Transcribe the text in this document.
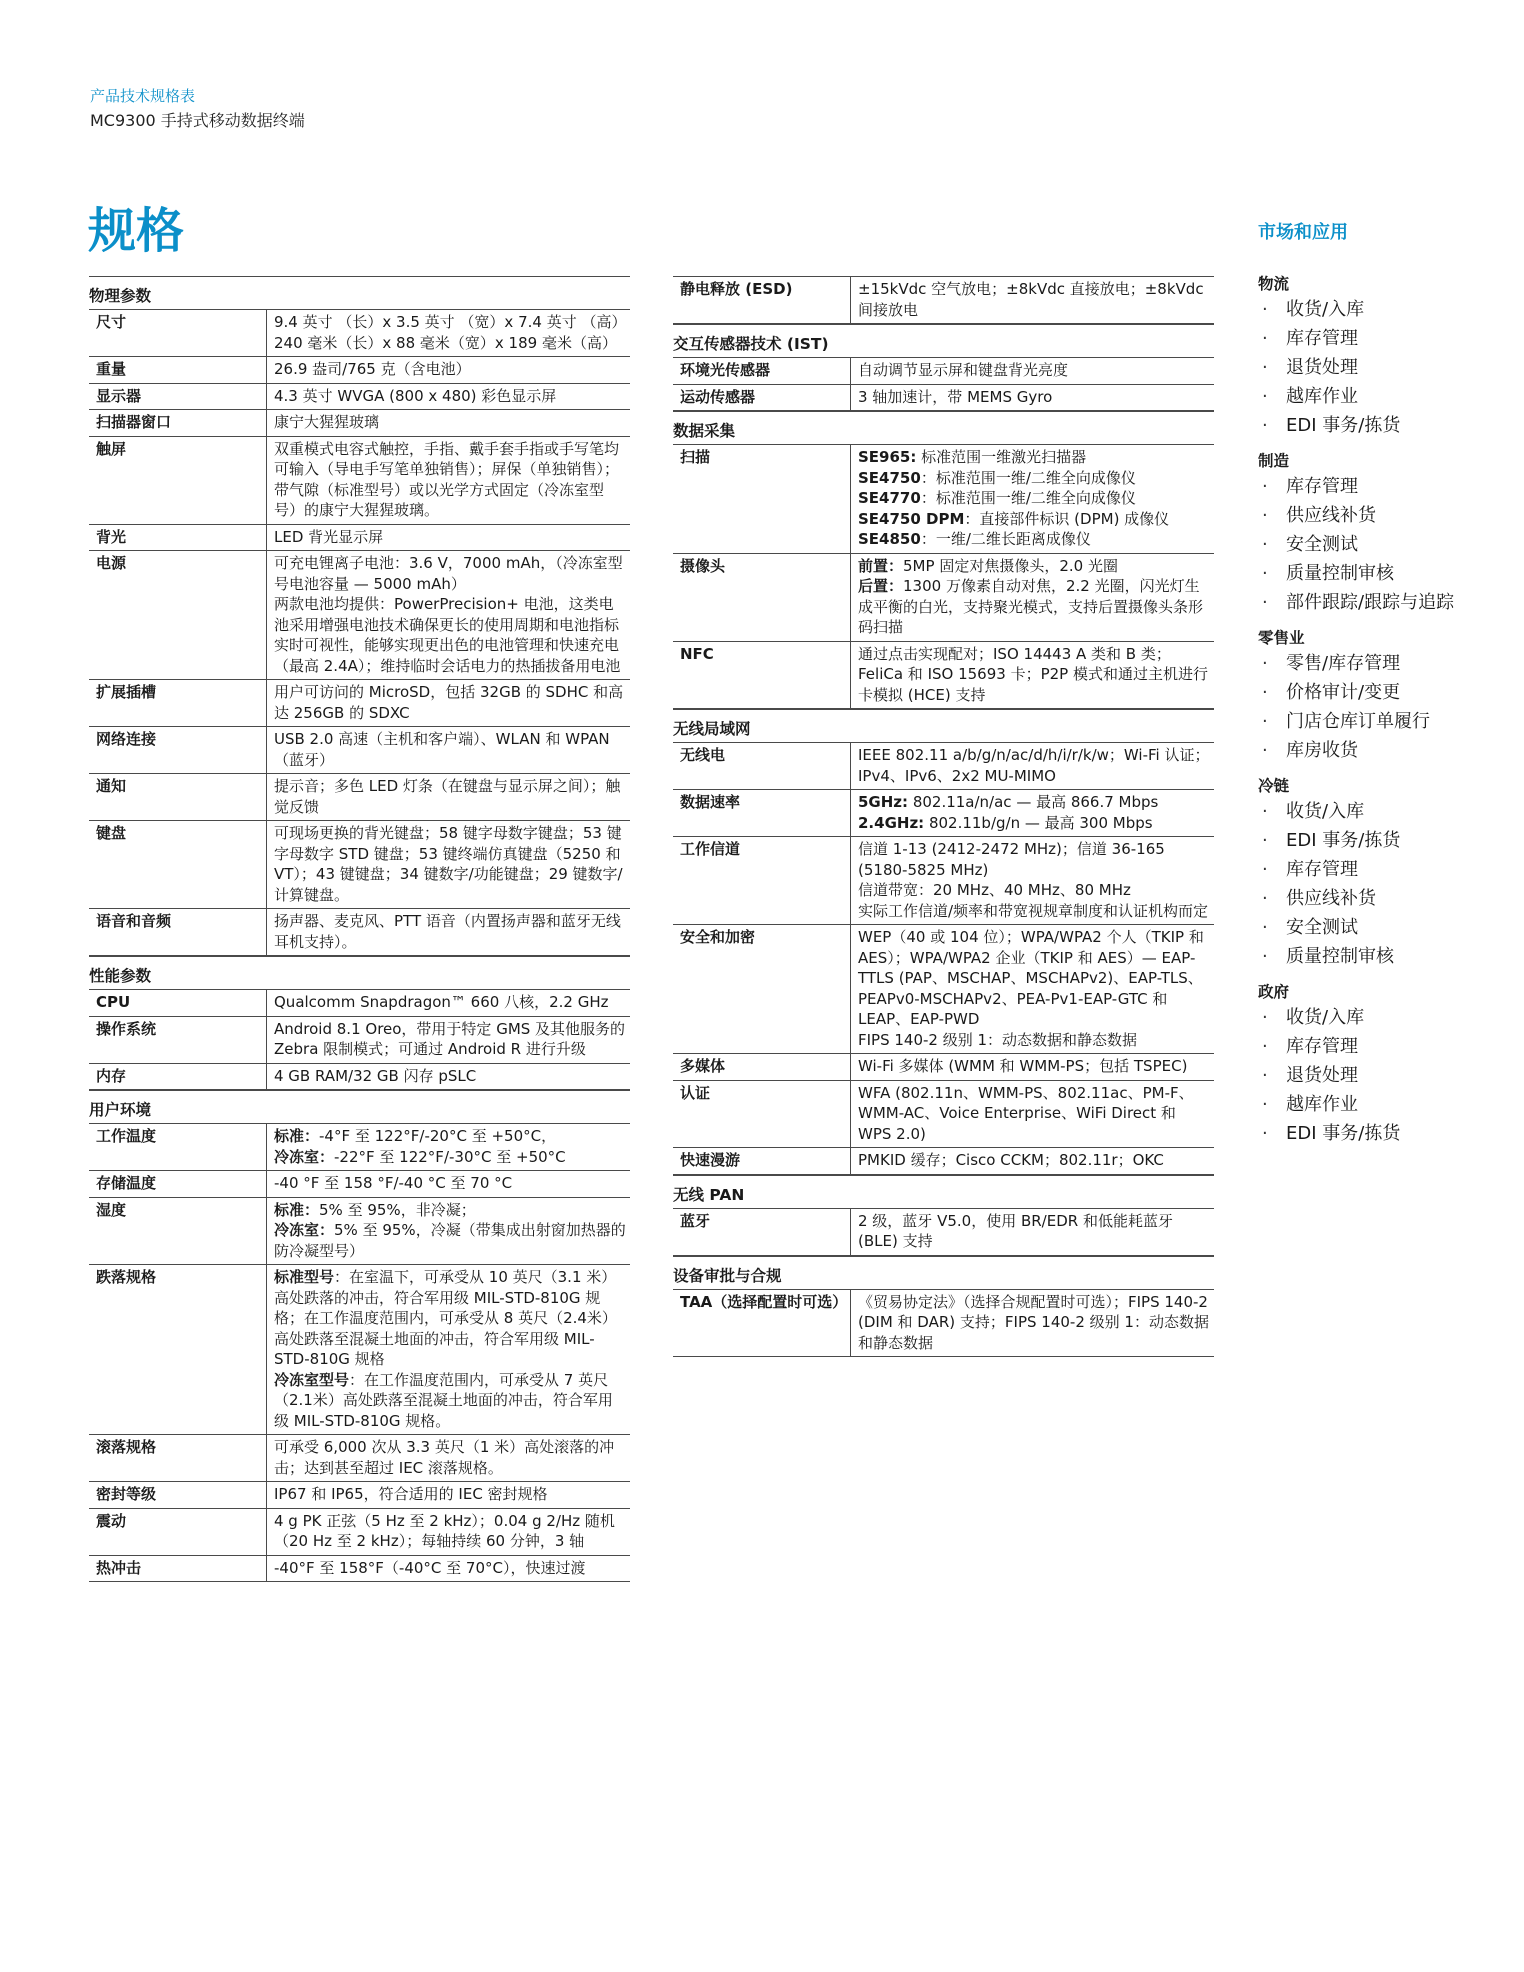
产品技术规格表
MC9300 手持式移动数据终端
规格
物理参数
尺寸	9.4 英寸 （长）x 3.5 英寸 （宽）x 7.4 英寸 （高）
240 毫米（长）x 88 毫米（宽）x 189 毫米（高）

重量	26.9 盎司/765 克（含电池）

显示器	4.3 英寸 WVGA (800 x 480) 彩色显示屏

扫描器窗口	康宁大猩猩玻璃

触屏	双重模式电容式触控，手指、戴手套手指或手写笔均可输入（导电手写笔单独销售）；屏保（单独销售）；带气隙（标准型号）或以光学方式固定（冷冻室型号）的康宁大猩猩玻璃。

背光	LED 背光显示屏

电源	可充电锂离子电池：3.6 V，7000 mAh，（冷冻室型号电池容量 — 5000 mAh）
两款电池均提供：PowerPrecision+ 电池，这类电池采用增强电池技术确保更长的使用周期和电池指标实时可视性，能够实现更出色的电池管理和快速充电（最高 2.4A）；维持临时会话电力的热插拔备用电池

扩展插槽	用户可访问的 MicroSD，包括 32GB 的 SDHC 和高达 256GB 的 SDXC

网络连接	USB 2.0 高速（主机和客户端）、WLAN 和 WPAN（蓝牙）

通知	提示音；多色 LED 灯条（在键盘与显示屏之间）；触觉反馈

键盘	可现场更换的背光键盘；58 键字母数字键盘；53 键字母数字 STD 键盘；53 键终端仿真键盘（5250 和 VT）；43 键键盘；34 键数字/功能键盘；29 键数字/计算键盘。

语音和音频	扬声器、麦克风、PTT 语音（内置扬声器和蓝牙无线耳机支持）。
性能参数
CPU	Qualcomm Snapdragon™ 660 八核，2.2 GHz

操作系统	Android 8.1 Oreo，带用于特定 GMS 及其他服务的 Zebra 限制模式；可通过 Android R 进行升级

内存	4 GB RAM/32 GB 闪存 pSLC
用户环境
工作温度	标准：-4°F 至 122°F/-20°C 至 +50°C，
冷冻室：-22°F 至 122°F/-30°C 至 +50°C

存储温度	-40 °F 至 158 °F/-40 °C 至 70 °C

湿度	标准：5% 至 95%，非冷凝；
冷冻室：5% 至 95%，冷凝（带集成出射窗加热器的防冷凝型号）

跌落规格	标准型号：在室温下，可承受从 10 英尺（3.1 米）高处跌落的冲击，符合军用级 MIL-STD-810G 规格；在工作温度范围内，可承受从 8 英尺（2.4米）高处跌落至混凝土地面的冲击，符合军用级 MIL-STD-810G 规格
冷冻室型号：在工作温度范围内，可承受从 7 英尺（2.1米）高处跌落至混凝土地面的冲击，符合军用级 MIL-STD-810G 规格。

滚落规格	可承受 6,000 次从 3.3 英尺（1 米）高处滚落的冲击；达到甚至超过 IEC 滚落规格。

密封等级	IP67 和 IP65，符合适用的 IEC 密封规格

震动	4 g PK 正弦（5 Hz 至 2 kHz）；0.04 g 2/Hz 随机（20 Hz 至 2 kHz）；每轴持续 60 分钟，3 轴

热冲击	-40°F 至 158°F（-40°C 至 70°C），快速过渡
静电释放 (ESD)	±15kVdc 空气放电；±8kVdc 直接放电；±8kVdc 间接放电
交互传感器技术 (IST)
环境光传感器	自动调节显示屏和键盘背光亮度

运动传感器	3 轴加速计，带 MEMS Gyro
数据采集
扫描	SE965: 标准范围一维激光扫描器
SE4750：标准范围一维/二维全向成像仪
SE4770：标准范围一维/二维全向成像仪
SE4750 DPM：直接部件标识 (DPM) 成像仪
SE4850：一维/二维长距离成像仪

摄像头	前置：5MP 固定对焦摄像头，2.0 光圈
后置：1300 万像素自动对焦，2.2 光圈，闪光灯生成平衡的白光，支持聚光模式，支持后置摄像头条形码扫描

NFC	通过点击实现配对；ISO 14443 A 类和 B 类；FeliCa 和 ISO 15693 卡；P2P 模式和通过主机进行卡模拟 (HCE) 支持
无线局域网
无线电	IEEE 802.11 a/b/g/n/ac/d/h/i/r/k/w；Wi-Fi 认证；IPv4、IPv6、2x2 MU-MIMO

数据速率	5GHz: 802.11a/n/ac — 最高 866.7 Mbps
2.4GHz: 802.11b/g/n — 最高 300 Mbps

工作信道	信道 1-13 (2412-2472 MHz)；信道 36-165 (5180-5825 MHz)
信道带宽：20 MHz、40 MHz、80 MHz
实际工作信道/频率和带宽视规章制度和认证机构而定

安全和加密	WEP（40 或 104 位）；WPA/WPA2 个人（TKIP 和 AES）；WPA/WPA2 企业（TKIP 和 AES）— EAP-TTLS (PAP、MSCHAP、MSCHAPv2)、EAP-TLS、PEAPv0-MSCHAPv2、PEA-Pv1-EAP-GTC 和 LEAP、EAP-PWD
FIPS 140-2 级别 1：动态数据和静态数据

多媒体	Wi-Fi 多媒体 (WMM 和 WMM-PS；包括 TSPEC)

认证	WFA (802.11n、WMM-PS、802.11ac、PM-F、WMM-AC、Voice Enterprise、WiFi Direct 和 WPS 2.0)

快速漫游	PMKID 缓存；Cisco CCKM；802.11r；OKC
无线 PAN
蓝牙	2 级，蓝牙 V5.0，使用 BR/EDR 和低能耗蓝牙 (BLE) 支持
设备审批与合规
TAA（选择配置时可选）	《贸易协定法》（选择合规配置时可选）；FIPS 140-2 (DIM 和 DAR) 支持；FIPS 140-2 级别 1：动态数据和静态数据
市场和应用
物流
· 收货/入库
· 库存管理
· 退货处理
· 越库作业
· EDI 事务/拣货
制造
· 库存管理
· 供应线补货
· 安全测试
· 质量控制审核
· 部件跟踪/跟踪与追踪
零售业
· 零售/库存管理
· 价格审计/变更
· 门店仓库订单履行
· 库房收货
冷链
· 收货/入库
· EDI 事务/拣货
· 库存管理
· 供应线补货
· 安全测试
· 质量控制审核
政府
· 收货/入库
· 库存管理
· 退货处理
· 越库作业
· EDI 事务/拣货
